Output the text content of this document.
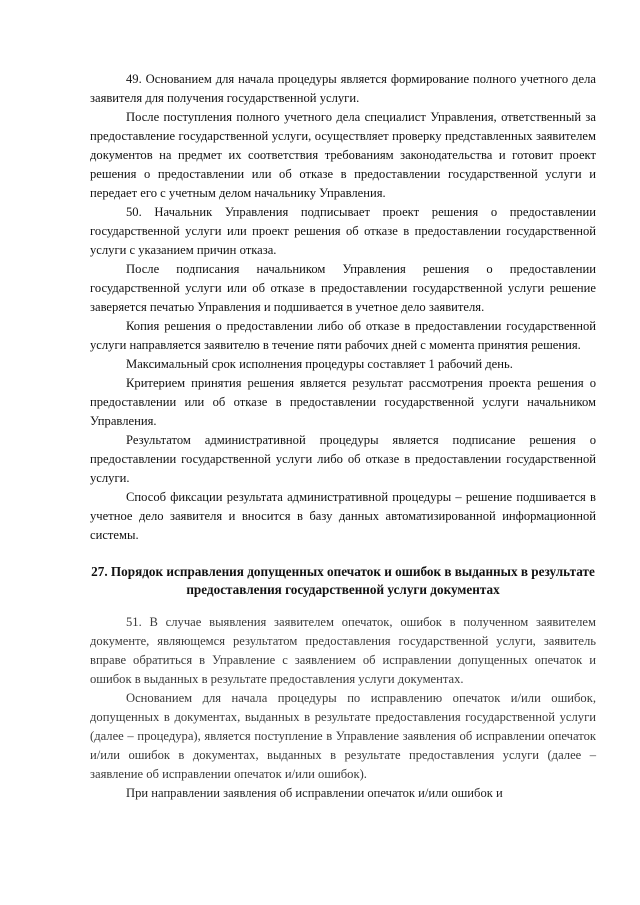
49. Основанием для начала процедуры является формирование полного учетного дела заявителя для получения государственной услуги.

После поступления полного учетного дела специалист Управления, ответственный за предоставление государственной услуги, осуществляет проверку представленных заявителем документов на предмет их соответствия требованиям законодательства и готовит проект решения о предоставлении или об отказе в предоставлении государственной услуги и передает его с учетным делом начальнику Управления.

50. Начальник Управления подписывает проект решения о предоставлении государственной услуги или проект решения об отказе в предоставлении государственной услуги с указанием причин отказа.

После подписания начальником Управления решения о предоставлении государственной услуги или об отказе в предоставлении государственной услуги решение заверяется печатью Управления и подшивается в учетное дело заявителя.

Копия решения о предоставлении либо об отказе в предоставлении государственной услуги направляется заявителю в течение пяти рабочих дней с момента принятия решения.

Максимальный срок исполнения процедуры составляет 1 рабочий день.

Критерием принятия решения является результат рассмотрения проекта решения о предоставлении или об отказе в предоставлении государственной услуги начальником Управления.

Результатом административной процедуры является подписание решения о предоставлении государственной услуги либо об отказе в предоставлении государственной услуги.

Способ фиксации результата административной процедуры – решение подшивается в учетное дело заявителя и вносится в базу данных автоматизированной информационной системы.

27. Порядок исправления допущенных опечаток и ошибок в выданных в результате предоставления государственной услуги документах

51. В случае выявления заявителем опечаток, ошибок в полученном заявителем документе, являющемся результатом предоставления государственной услуги, заявитель вправе обратиться в Управление с заявлением об исправлении допущенных опечаток и ошибок в выданных в результате предоставления услуги документах.

Основанием для начала процедуры по исправлению опечаток и/или ошибок, допущенных в документах, выданных в результате предоставления государственной услуги (далее – процедура), является поступление в Управление заявления об исправлении опечаток и/или ошибок в документах, выданных в результате предоставления услуги (далее – заявление об исправлении опечаток и/или ошибок).

При направлении заявления об исправлении опечаток и/или ошибок и
